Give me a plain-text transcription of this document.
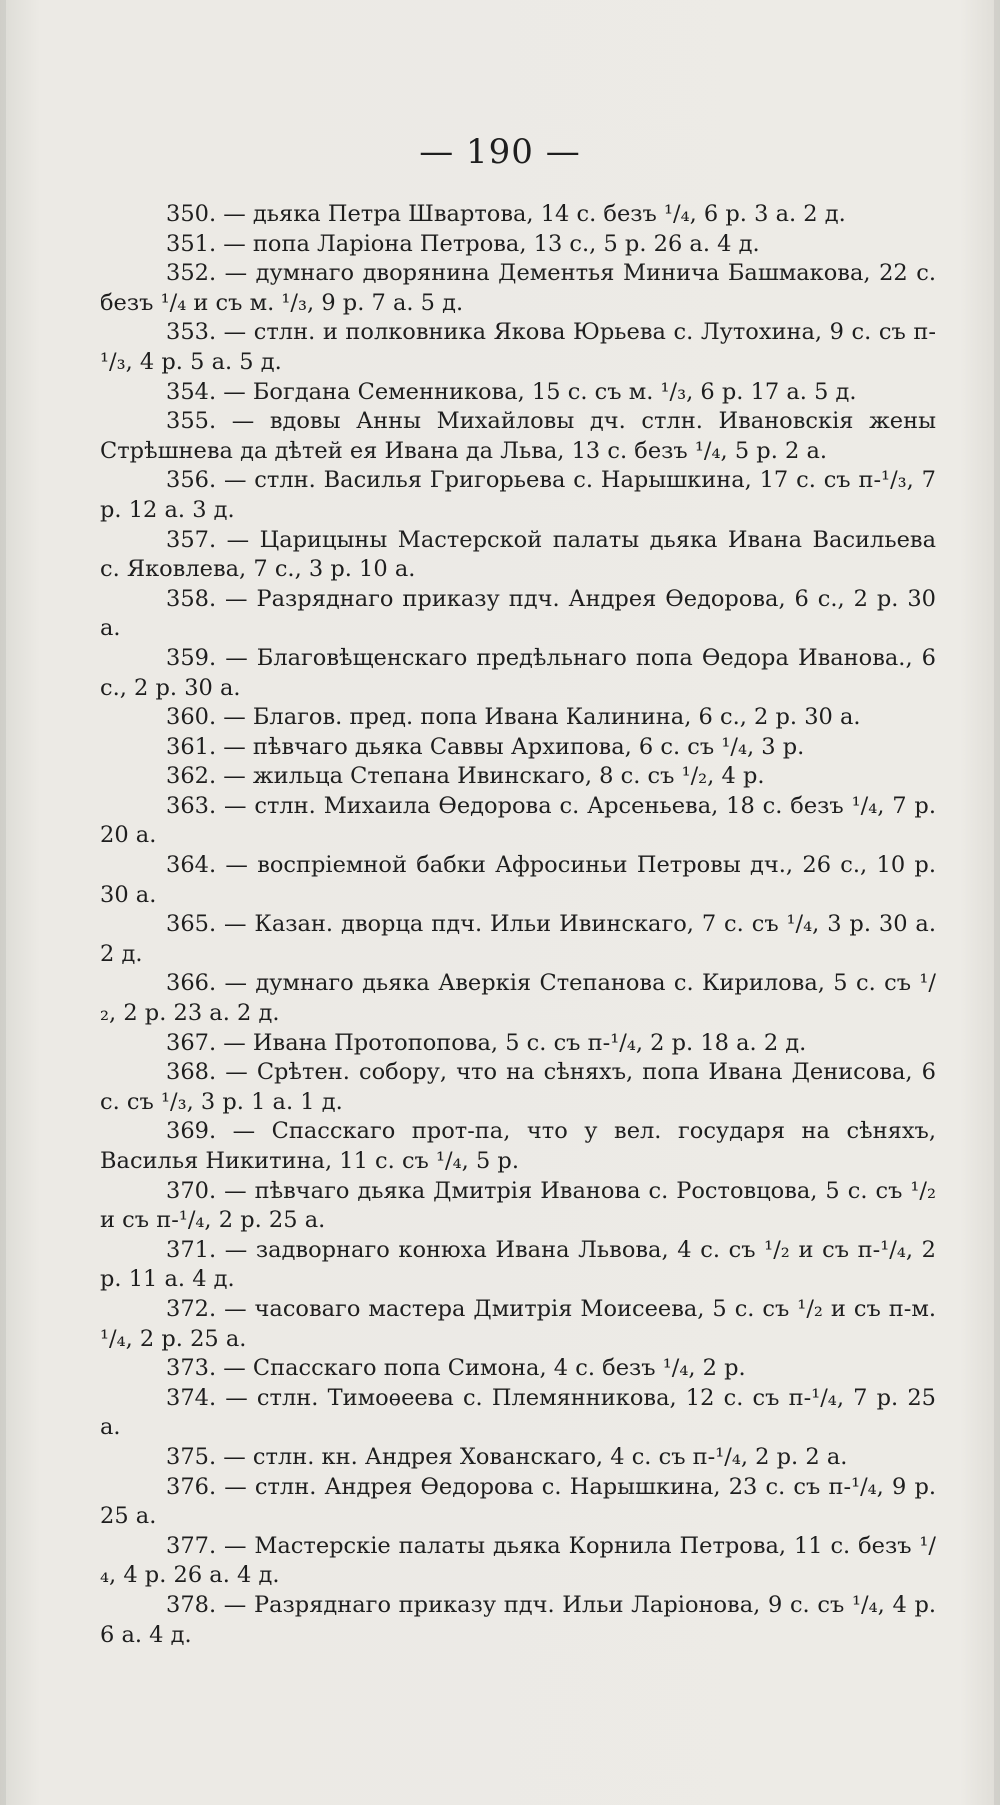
— 190 —

350. — дьяка Петра Швартова, 14 с. безъ ¹/₄, 6 р. 3 а. 2 д.

351. — попа Ларіона Петрова, 13 с., 5 р. 26 а. 4 д.

352. — думнаго дворянина Дементья Минича Башмакова, 22 с. безъ ¹/₄ и съ м. ¹/₃, 9 р. 7 а. 5 д.

353. — стлн. и полковника Якова Юрьева с. Лутохина, 9 с. съ п-¹/₃, 4 р. 5 а. 5 д.

354. — Богдана Семенникова, 15 с. съ м. ¹/₃, 6 р. 17 а. 5 д.

355. — вдовы Анны Михайловы дч. стлн. Ивановскія жены Стрѣшнева да дѣтей ея Ивана да Льва, 13 с. безъ ¹/₄, 5 р. 2 а.

356. — стлн. Василья Григорьева с. Нарышкина, 17 с. съ п-¹/₃, 7 р. 12 а. 3 д.

357. — Царицыны Мастерской палаты дьяка Ивана Васильева с. Яковлева, 7 с., 3 р. 10 а.

358. — Разряднаго приказу пдч. Андрея Ѳедорова, 6 с., 2 р. 30 а.

359. — Благовѣщенскаго предѣльнаго попа Ѳедора Иванова., 6 с., 2 р. 30 а.

360. — Благов. пред. попа Ивана Калинина, 6 с., 2 р. 30 а.

361. — пѣвчаго дьяка Саввы Архипова, 6 с. съ ¹/₄, 3 р.

362. — жильца Степана Ивинскаго, 8 с. съ ¹/₂, 4 р.

363. — стлн. Михаила Ѳедорова с. Арсеньева, 18 с. безъ ¹/₄, 7 р. 20 а.

364. — воспріемной бабки Афросиньи Петровы дч., 26 с., 10 р. 30 а.

365. — Казан. дворца пдч. Ильи Ивинскаго, 7 с. съ ¹/₄, 3 р. 30 а. 2 д.

366. — думнаго дьяка Аверкія Степанова с. Кирилова, 5 с. съ ¹/₂, 2 р. 23 а. 2 д.

367. — Ивана Протопопова, 5 с. съ п-¹/₄, 2 р. 18 а. 2 д.

368. — Срѣтен. собору, что на сѣняхъ, попа Ивана Денисова, 6 с. съ ¹/₃, 3 р. 1 а. 1 д.

369. — Спасскаго прот-па, что у вел. государя на сѣняхъ, Василья Никитина, 11 с. съ ¹/₄, 5 р.

370. — пѣвчаго дьяка Дмитрія Иванова с. Ростовцова, 5 с. съ ¹/₂ и съ п-¹/₄, 2 р. 25 а.

371. — задворнаго конюха Ивана Львова, 4 с. съ ¹/₂ и съ п-¹/₄, 2 р. 11 а. 4 д.

372. — часоваго мастера Дмитрія Моисеева, 5 с. съ ¹/₂ и съ п-м. ¹/₄, 2 р. 25 а.

373. — Спасскаго попа Симона, 4 с. безъ ¹/₄, 2 р.

374. — стлн. Тимоѳеева с. Племянникова, 12 с. съ п-¹/₄, 7 р. 25 а.

375. — стлн. кн. Андрея Хованскаго, 4 с. съ п-¹/₄, 2 р. 2 а.

376. — стлн. Андрея Ѳедорова с. Нарышкина, 23 с. съ п-¹/₄, 9 р. 25 а.

377. — Мастерскіе палаты дьяка Корнила Петрова, 11 с. безъ ¹/₄, 4 р. 26 а. 4 д.

378. — Разряднаго приказу пдч. Ильи Ларіонова, 9 с. съ ¹/₄, 4 р. 6 а. 4 д.
